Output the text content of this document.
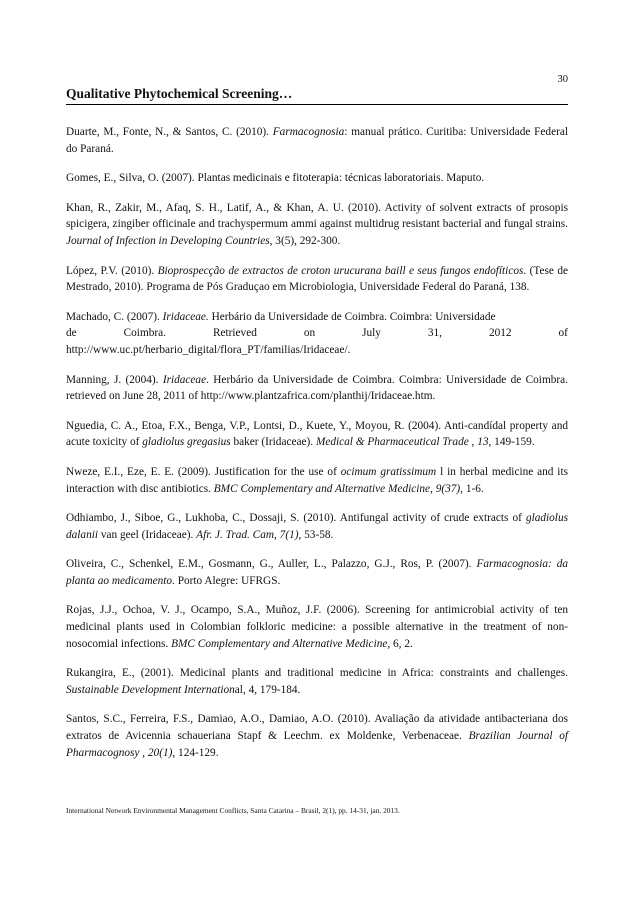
30
Qualitative Phytochemical Screening…

Duarte, M., Fonte, N., & Santos, C. (2010). Farmacognosia: manual prático. Curitiba: Universidade Federal do Paraná.

Gomes, E., Silva, O. (2007). Plantas medicinais e fitoterapia: técnicas laboratoriais. Maputo.

Khan, R., Zakir, M., Afaq, S. H., Latif, A., & Khan, A. U. (2010). Activity of solvent extracts of prosopis spicigera, zingiber officinale and trachyspermum ammi against multidrug resistant bacterial and fungal strains. Journal of Infection in Developing Countries, 3(5), 292-300.

López, P.V. (2010). Bioprospecção de extractos de croton urucurana baill e seus fungos endofíticos. (Tese de Mestrado, 2010). Programa de Pós Graduçao em Microbiologia, Universidade Federal do Paraná, 138.

Machado, C. (2007). Iridaceae. Herbário da Universidade de Coimbra. Coimbra: Universidade
de	Coimbra.	Retrieved	on	July	31,	2012	of
http://www.uc.pt/herbario_digital/flora_PT/familias/Iridaceae/.

Manning, J. (2004). Iridaceae. Herbário da Universidade de Coimbra. Coimbra: Universidade de Coimbra. retrieved on June 28, 2011 of http://www.plantzafrica.com/planthij/Iridaceae.htm.

Nguedia, C. A., Etoa, F.X., Benga, V.P., Lontsi, D., Kuete, Y., Moyou, R. (2004). Anti-candídal property and acute toxicity of gladiolus gregasius baker (Iridaceae). Medical & Pharmaceutical Trade , 13, 149-159.

Nweze, E.I., Eze, E. E. (2009). Justification for the use of ocimum gratissimum l in herbal medicine and its interaction with disc antibiotics. BMC Complementary and Alternative Medicine, 9(37), 1-6.

Odhiambo, J., Siboe, G., Lukhoba, C., Dossaji, S. (2010). Antifungal activity of crude extracts of gladiolus dalanii van geel (Iridaceae). Afr. J. Trad. Cam, 7(1), 53-58.

Oliveira, C., Schenkel, E.M., Gosmann, G., Auller, L., Palazzo, G.J., Ros, P. (2007). Farmacognosia: da planta ao medicamento. Porto Alegre: UFRGS.

Rojas, J.J., Ochoa, V. J., Ocampo, S.A., Muñoz, J.F. (2006). Screening for antimicrobial activity of ten medicinal plants used in Colombian folkloric medicine: a possible alternative in the treatment of non-nosocomial infections. BMC Complementary and Alternative Medicine, 6, 2.

Rukangira, E., (2001). Medicinal plants and traditional medicine in Africa: constraints and challenges. Sustainable Development International, 4, 179-184.

Santos, S.C., Ferreira, F.S., Damiao, A.O., Damiao, A.O. (2010). Avaliação da atividade antibacteriana dos extratos de Avicennia schaueriana Stapf & Leechm. ex Moldenke, Verbenaceae. Brazilian Journal of Pharmacognosy , 20(1), 124-129.

International Network Environmental Management Conflicts, Santa Catarina – Brasil, 2(1), pp. 14-31, jan. 2013.
